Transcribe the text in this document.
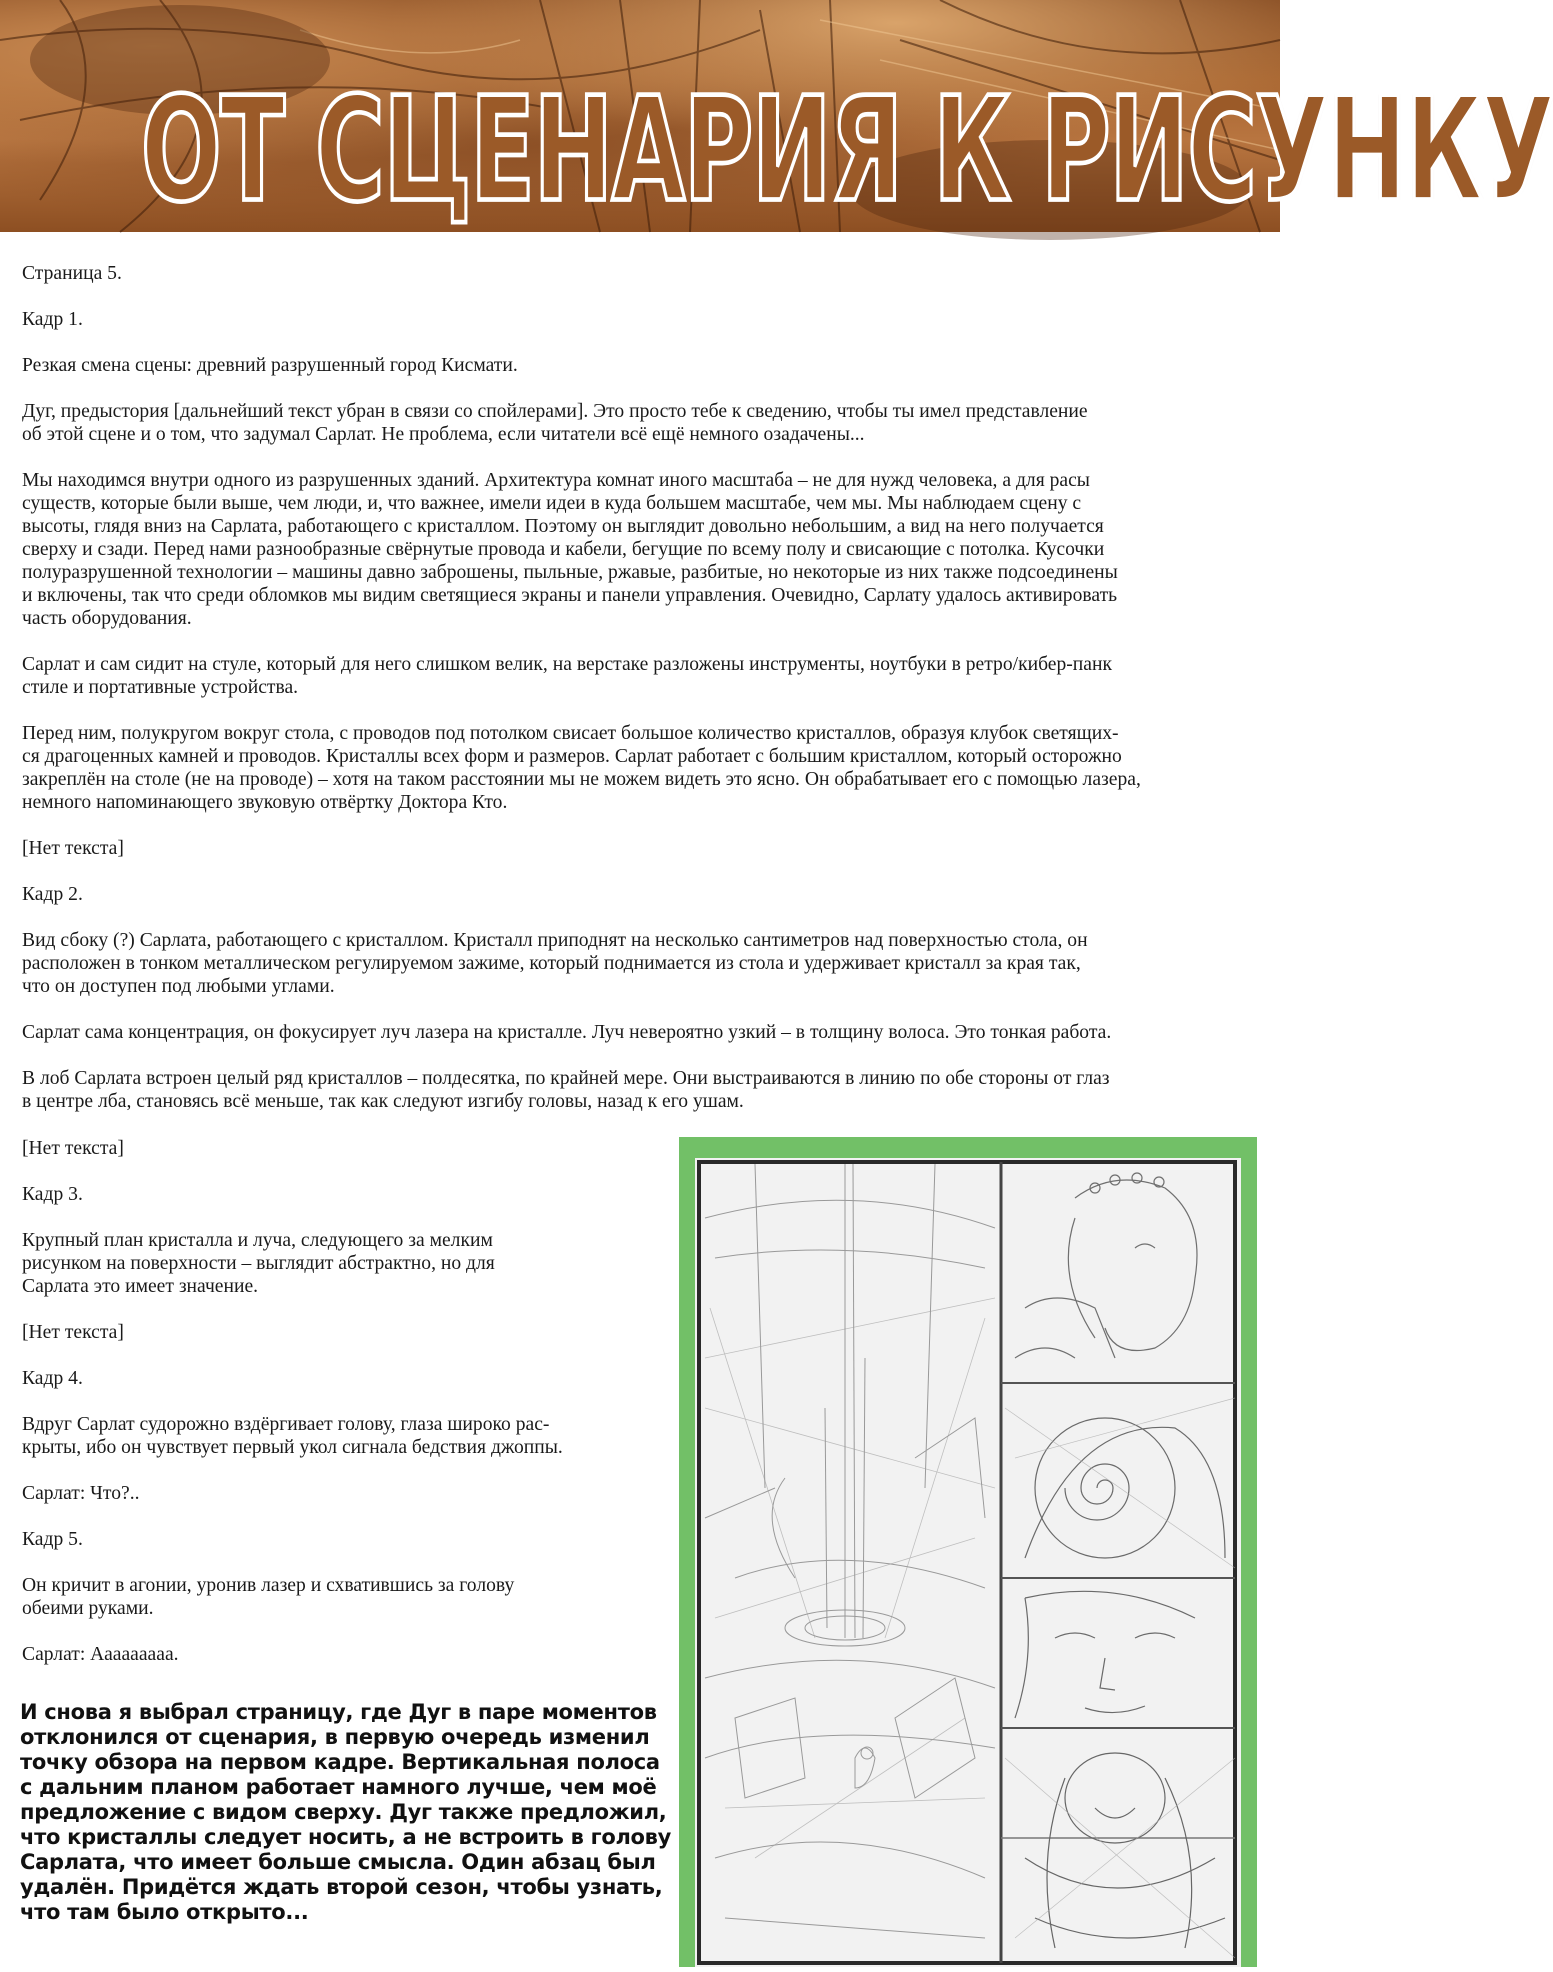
ОТ СЦЕНАРИЯ К РИСУНКУ

Страница 5.

Кадр 1.

Резкая смена сцены: древний разрушенный город Кисмати.

Дуг, предыстория [дальнейший текст убран в связи со спойлерами]. Это просто тебе к сведению, чтобы ты имел представление

об этой сцене и о том, что задумал Сарлат. Не проблема, если читатели всё ещё немного озадачены...

Мы находимся внутри одного из разрушенных зданий. Архитектура комнат иного масштаба – не для нужд человека, а для расы

существ, которые были выше, чем люди, и, что важнее, имели идеи в куда большем масштабе, чем мы. Мы наблюдаем сцену с

высоты, глядя вниз на Сарлата, работающего с кристаллом. Поэтому он выглядит довольно небольшим, а вид на него получается

сверху и сзади. Перед нами разнообразные свёрнутые провода и кабели, бегущие по всему полу и свисающие с потолка. Кусочки

полуразрушенной технологии – машины давно заброшены, пыльные, ржавые, разбитые, но некоторые из них также подсоединены

и включены, так что среди обломков мы видим светящиеся экраны и панели управления. Очевидно, Сарлату удалось активировать

часть оборудования.

Сарлат и сам сидит на стуле, который для него слишком велик, на верстаке разложены инструменты, ноутбуки в ретро/кибер-панк

стиле и портативные устройства.

Перед ним, полукругом вокруг стола, с проводов под потолком свисает большое количество кристаллов, образуя клубок светящих-

ся драгоценных камней и проводов. Кристаллы всех форм и размеров. Сарлат работает с большим кристаллом, который осторожно

закреплён на столе (не на проводе) – хотя на таком расстоянии мы не можем видеть это ясно. Он обрабатывает его с помощью лазера,

немного напоминающего звуковую отвёртку Доктора Кто.

[Нет текста]

Кадр 2.

Вид сбоку (?) Сарлата, работающего с кристаллом. Кристалл приподнят на несколько сантиметров над поверхностью стола, он

расположен в тонком металлическом регулируемом зажиме, который поднимается из стола и удерживает кристалл за края так,

что он доступен под любыми углами.

Сарлат сама концентрация, он фокусирует луч лазера на кристалле. Луч невероятно узкий – в толщину волоса. Это тонкая работа.

В лоб Сарлата встроен целый ряд кристаллов – полдесятка, по крайней мере. Они выстраиваются в линию по обе стороны от глаз

в центре лба, становясь всё меньше, так как следуют изгибу головы, назад к его ушам.

[Нет текста]

Кадр 3.

Крупный план кристалла и луча, следующего за мелким

рисунком на поверхности – выглядит абстрактно, но для

Сарлата это имеет значение.

[Нет текста]

Кадр 4.

Вдруг Сарлат судорожно вздёргивает голову, глаза широко рас-

крыты, ибо он чувствует первый укол сигнала бедствия джоппы.

Сарлат: Что?..

Кадр 5.

Он кричит в агонии, уронив лазер и схватившись за голову

обеими руками.

Сарлат: Ааааааааа.

И снова я выбрал страницу, где Дуг в паре моментов
отклонился от сценария, в первую очередь изменил
точку обзора на первом кадре. Вертикальная полоса
с дальним планом работает намного лучше, чем моё
предложение с видом сверху. Дуг также предложил,
что кристаллы следует носить, а не встроить в голову
Сарлата, что имеет больше смысла. Один абзац был
удалён. Придётся ждать второй сезон, чтобы узнать,
что там было открыто...
